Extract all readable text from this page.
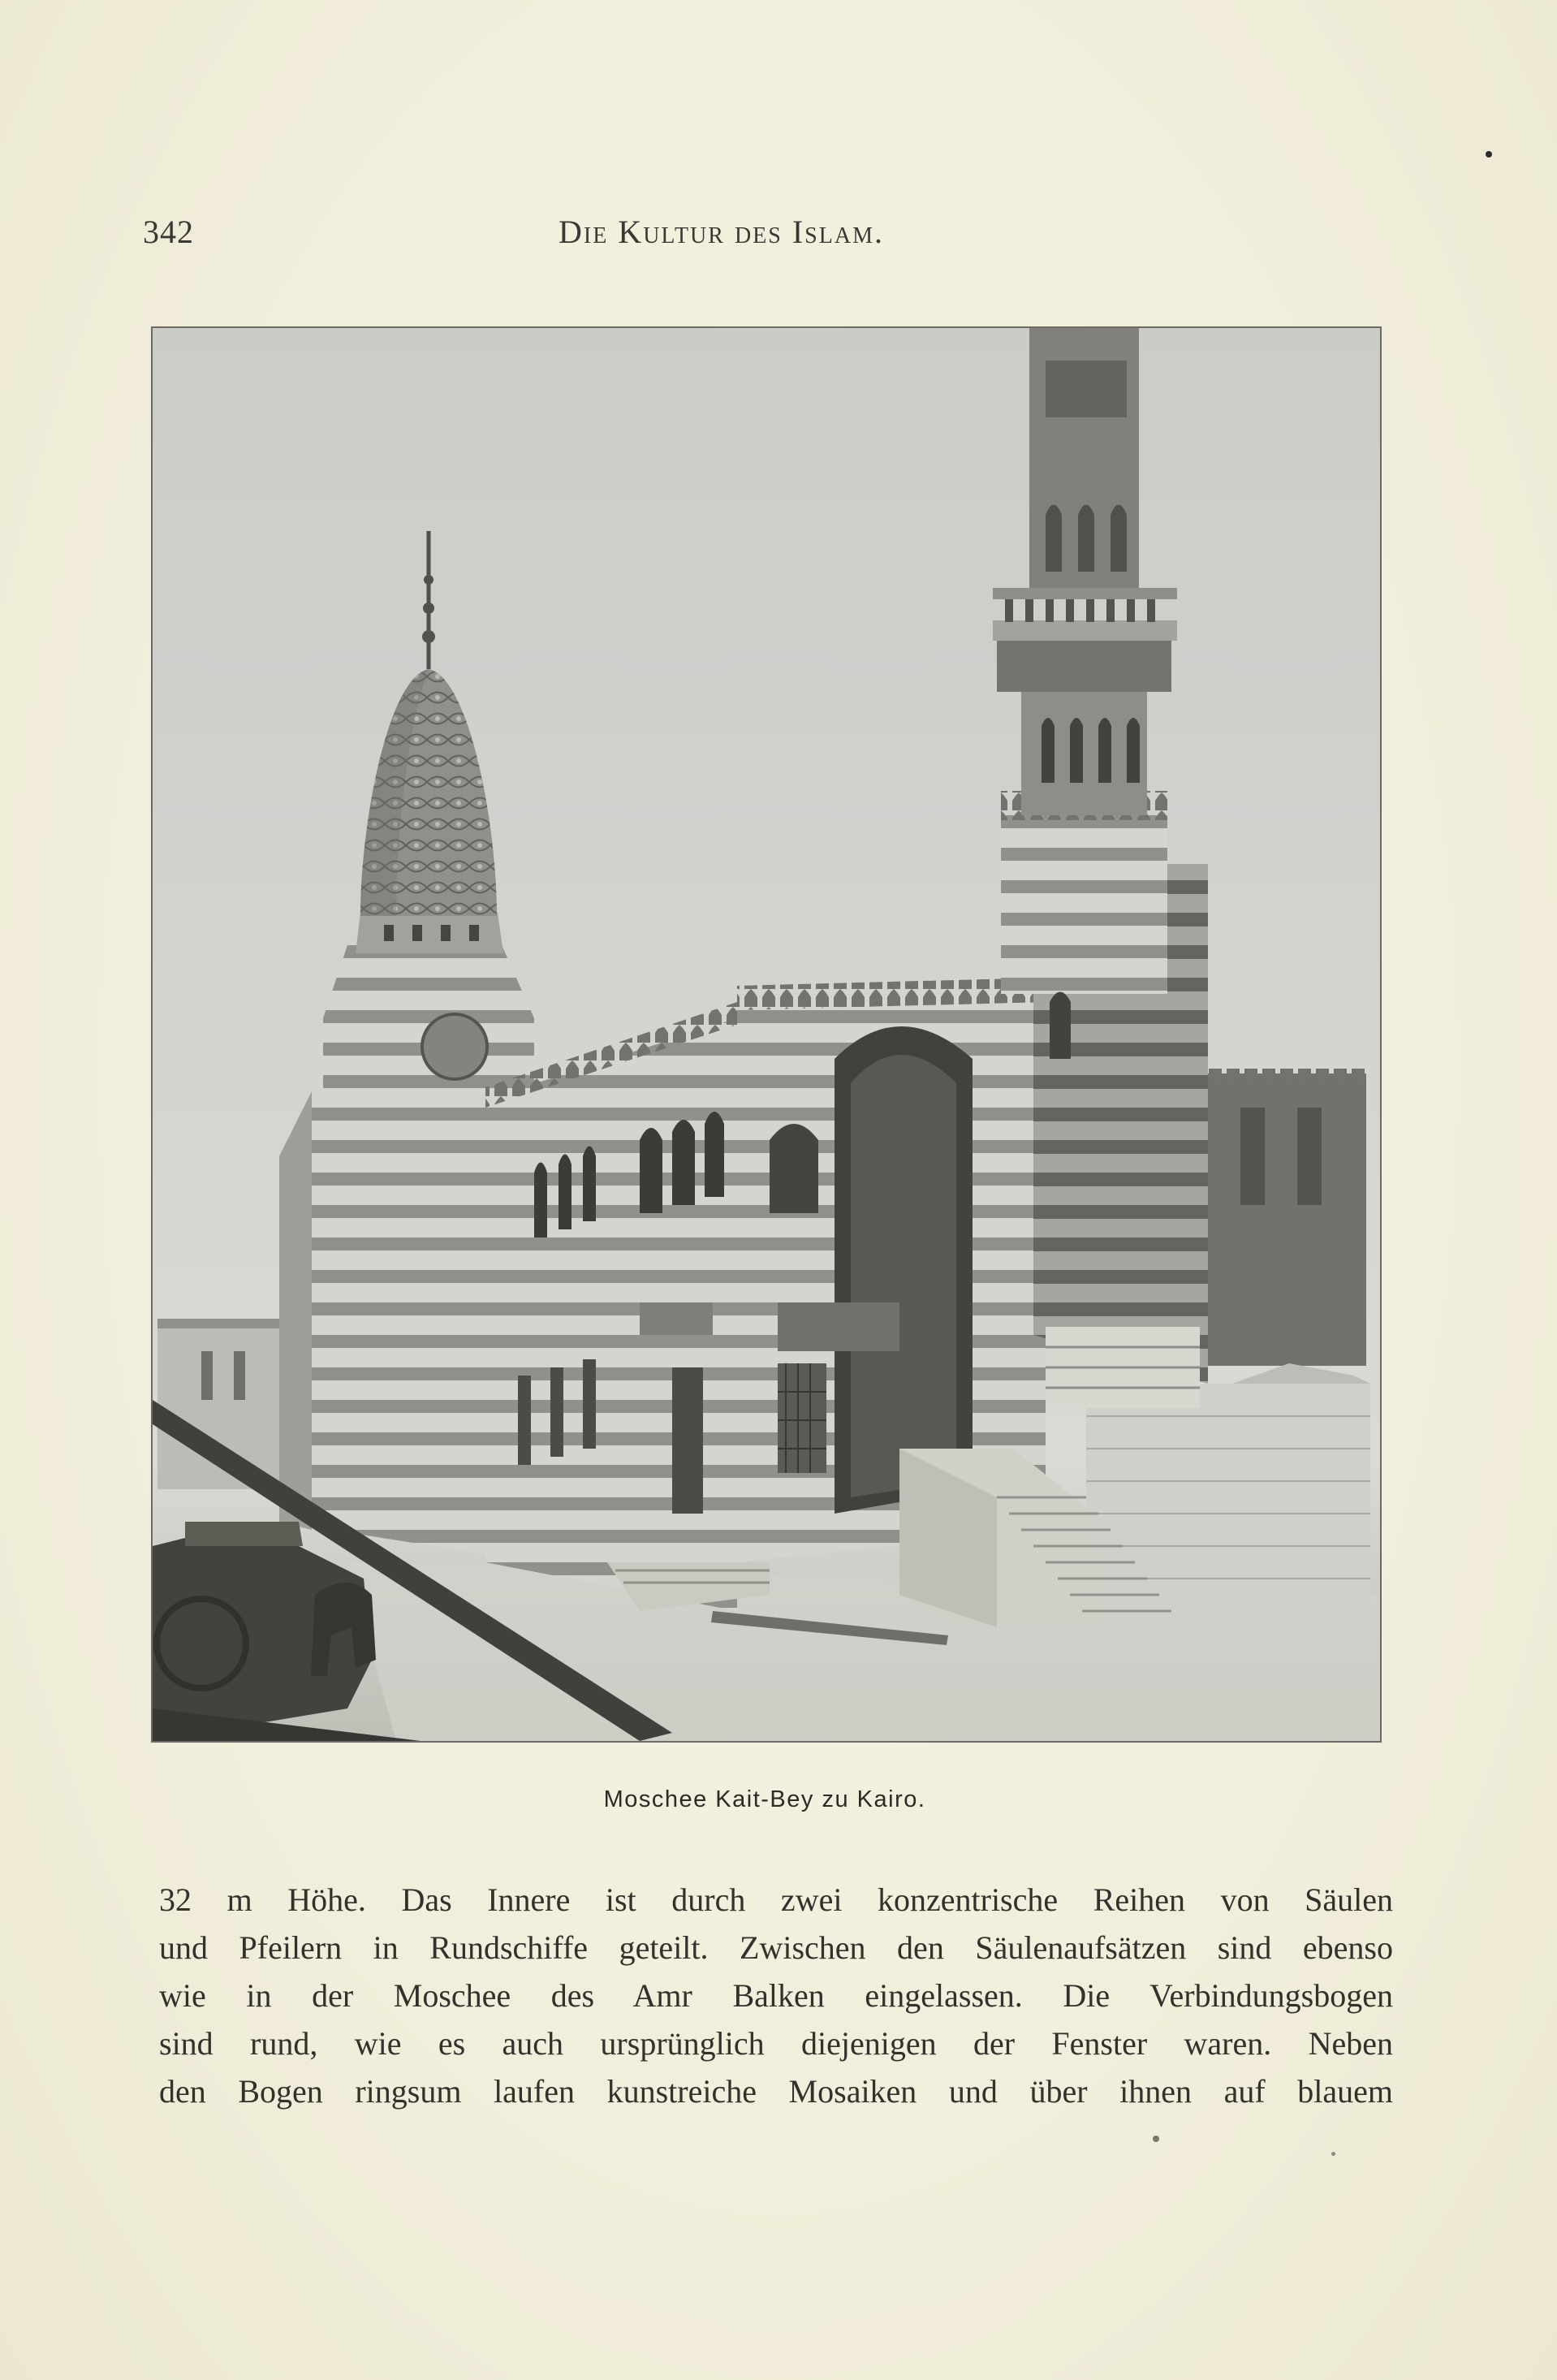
342	Die Kultur des Islam.
Moschee Kait-Bey zu Kairo.
32 m Höhe. Das Innere ist durch zwei konzentrische Reihen von Säulen
und Pfeilern in Rundschiffe geteilt. Zwischen den Säulenaufsätzen sind ebenso
wie in der Moschee des Amr Balken eingelassen. Die Verbindungsbogen
sind rund, wie es auch ursprünglich diejenigen der Fenster waren. Neben
den Bogen ringsum laufen kunstreiche Mosaiken und über ihnen auf blauem
